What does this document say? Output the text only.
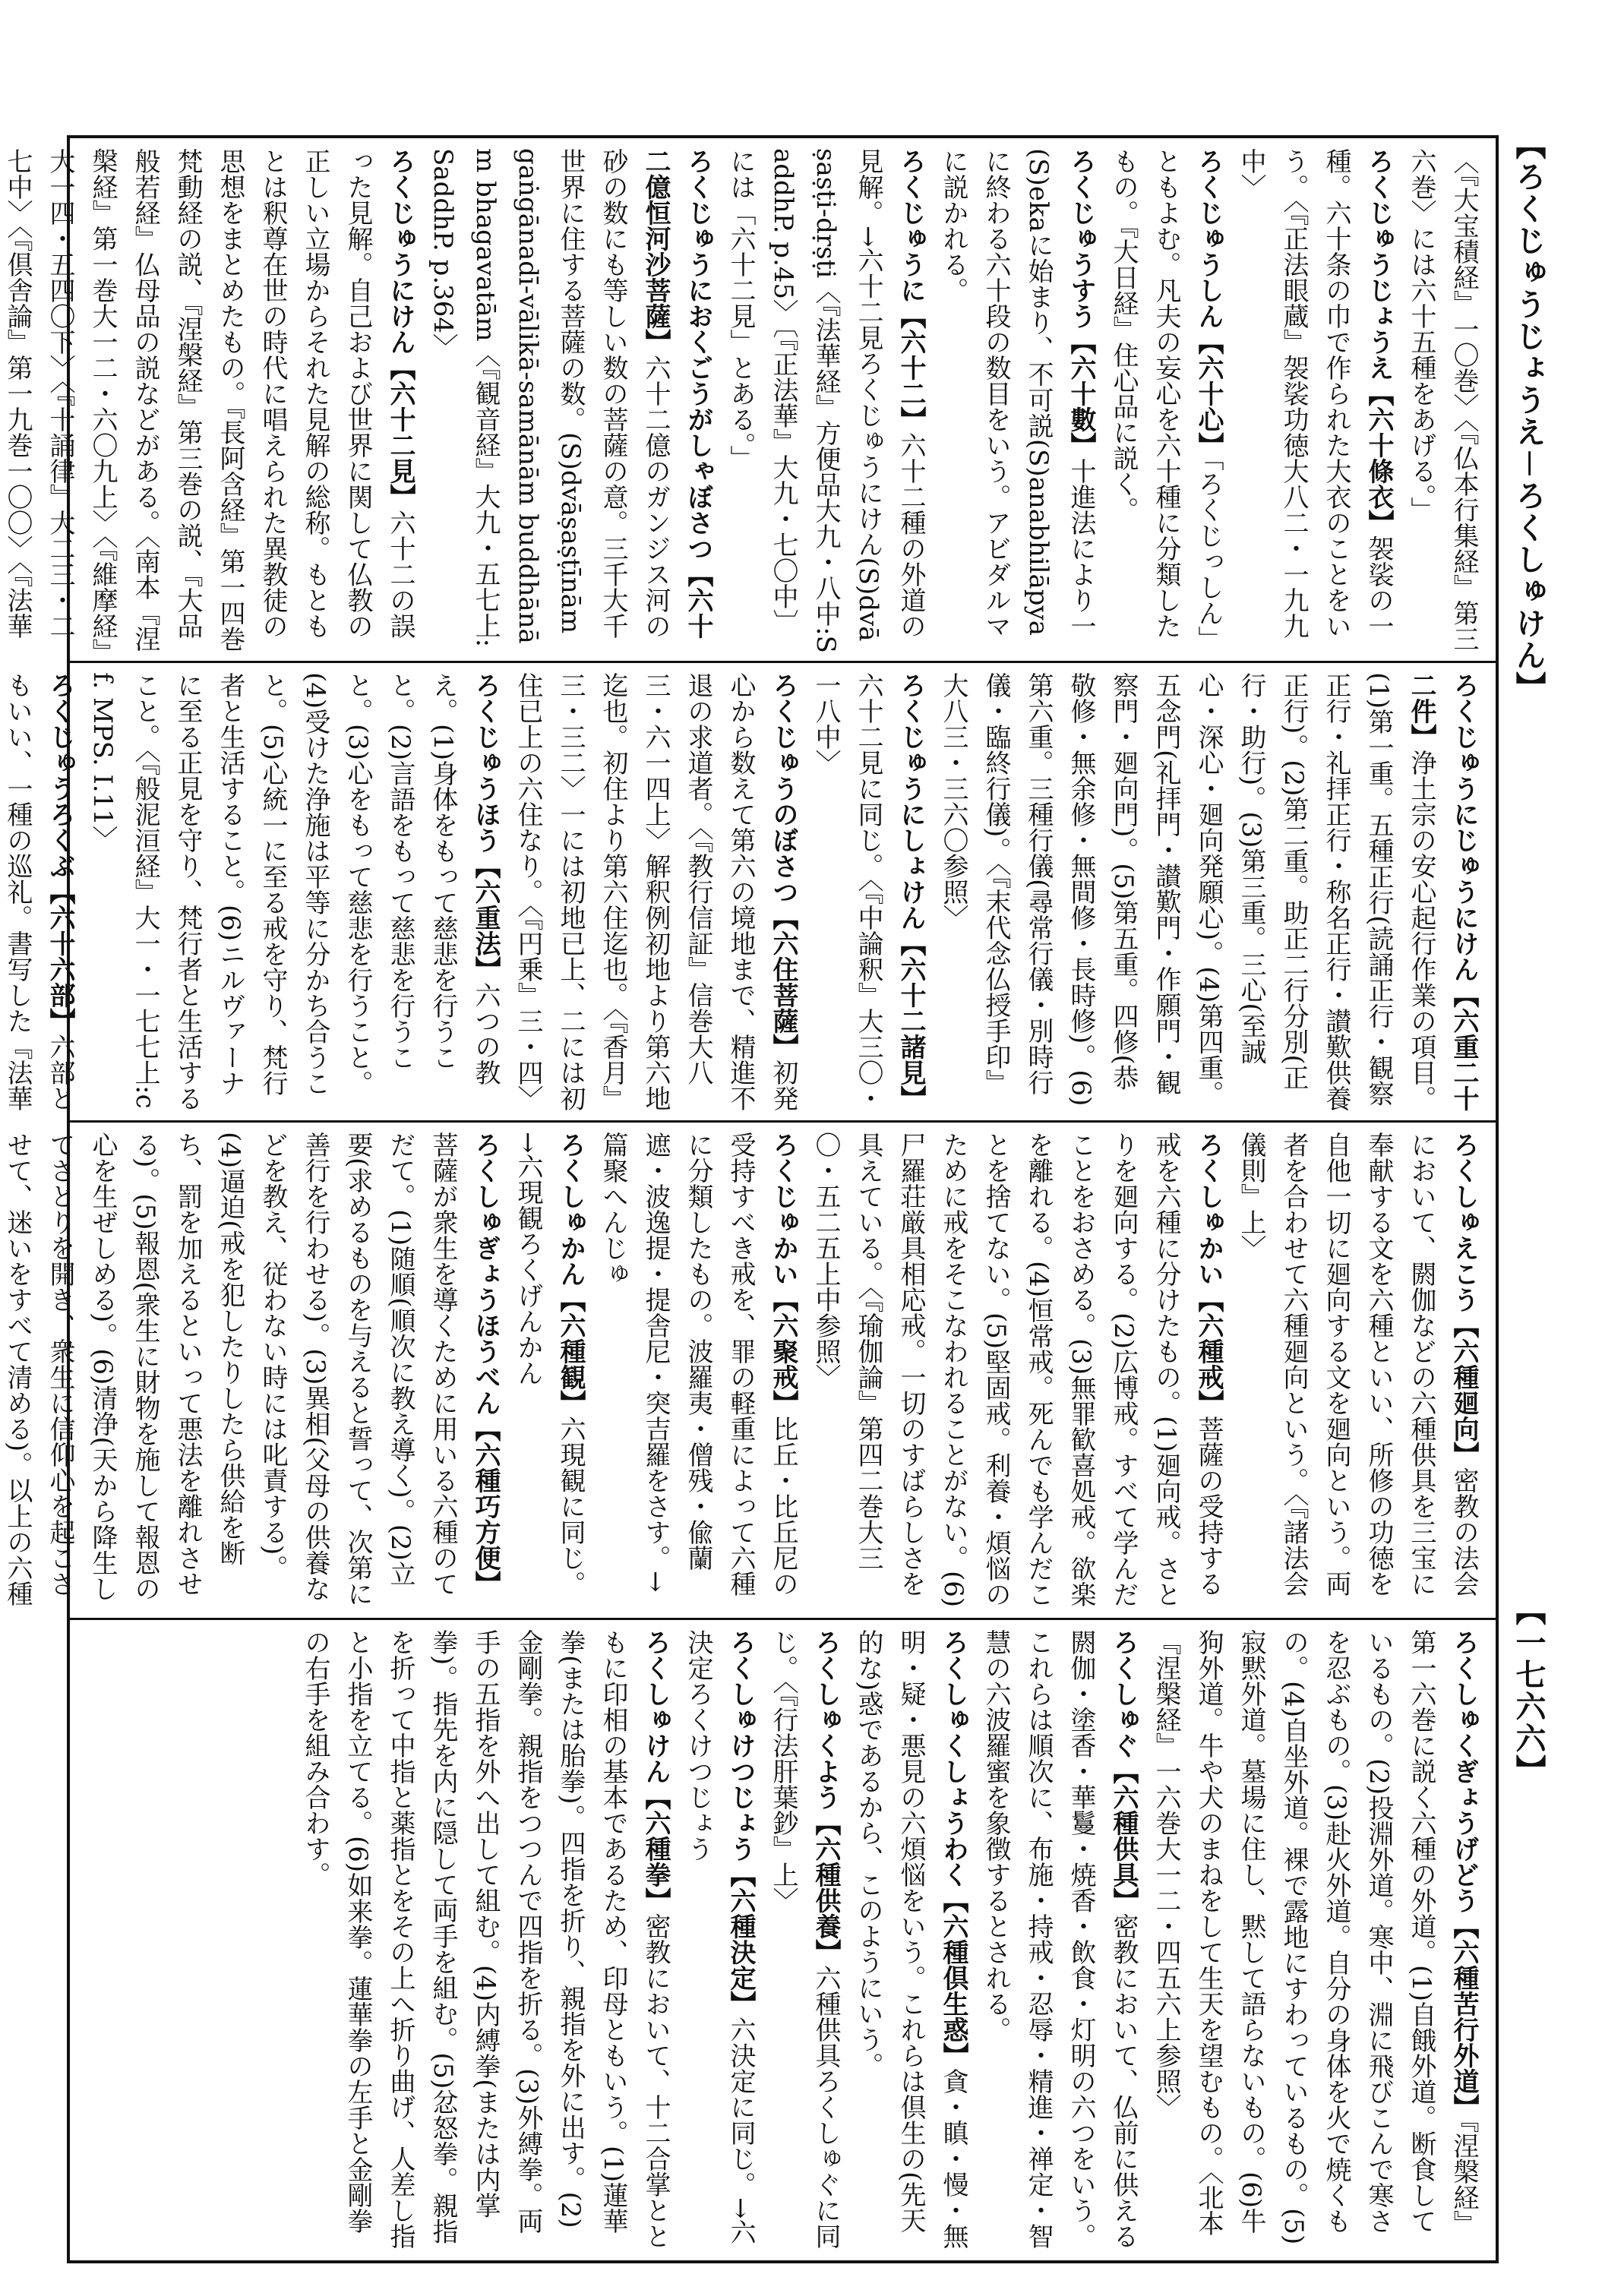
【ろくじゅうじょうえ－ろくしゅけん】
【一七六六】
〈『大宝積経』一〇巻〉〈『仏本行集経』第三六巻〉には六十五種をあげる。」
ろくじゅうじょうえ【六十條衣】袈裟の一種。六十条の巾で作られた大衣のことをいう。〈『正法眼蔵』袈裟功徳大八二・一九九中〉
ろくじゅうしん【六十心】「ろくじっしん」ともよむ。凡夫の妄心を六十種に分類したもの。『大日経』住心品に説く。
ろくじゅうすう【六十數】十進法により一(S)ekaに始まり、不可説(S)anabhilāpyaに終わる六十段の数目をいう。アビダルマに説かれる。
ろくじゅうに【六十二】六十二種の外道の見解。→六十二見ろくじゅうにけん(S)dvāṣaṣṭi-dṛṣṭi〈『法華経』方便品大九・八中:SaddhP. p.45〉〔『正法華』大九・七〇中〕には「六十二見」とある。」
ろくじゅうにおくごうがしゃぼさつ【六十二億恒河沙菩薩】六十二億のガンジス河の砂の数にも等しい数の菩薩の意。三千大千世界に住する菩薩の数。(S)dvāṣaṣṭīnām gaṅgānadī-vālikā-samānām buddhānām bhagavatām〈『観音経』大九・五七上:SaddhP. p.364〉
ろくじゅうにけん【六十二見】六十二の誤った見解。自己および世界に関して仏教の正しい立場からそれた見解の総称。もともとは釈尊在世の時代に唱えられた異教徒の思想をまとめたもの。『長阿含経』第一四巻梵動経の説、『涅槃経』第三巻の説、『大品般若経』仏母品の説などがある。〈南本『涅槃経』第一巻大一二・六〇九上〉〈『維摩経』大一四・五四〇下〉〈『十誦律』大二三・二七中〉〈『倶舎論』第一九巻一〇〇〉〈『法華
ろくじゅうにじゅうにけん【六重二十二件】浄土宗の安心起行作業の項目。(1)第一重。五種正行(読誦正行・観察正行・礼拝正行・称名正行・讃歎供養正行)。(2)第二重。助正二行分別(正行・助行)。(3)第三重。三心(至誠心・深心・廻向発願心)。(4)第四重。五念門(礼拝門・讃歎門・作願門・観察門・廻向門)。(5)第五重。四修(恭敬修・無余修・無間修・長時修)。(6)第六重。三種行儀(尋常行儀・別時行儀・臨終行儀)。〈『末代念仏授手印』大八三・三六〇参照〉
ろくじゅうにしょけん【六十二諸見】六十二見に同じ。〈『中論釈』大三〇・一八中〉
ろくじゅうのぼさつ【六住菩薩】初発心から数えて第六の境地まで、精進不退の求道者。〈『教行信証』信巻大八三・六一四上〉解釈例初地より第六地迄也。初住より第六住迄也。〈『香月』三・三二〉一には初地已上、二には初住已上の六住なり。〈『円乗』三・四〉
ろくじゅうほう【六重法】六つの教え。(1)身体をもって慈悲を行うこと。(2)言語をもって慈悲を行うこと。(3)心をもって慈悲を行うこと。(4)受けた浄施は平等に分かち合うこと。(5)心統一に至る戒を守り、梵行者と生活すること。(6)ニルヴァーナに至る正見を守り、梵行者と生活すること。〈『般泥洹経』大一・一七七上:cf. MPS. I.11〉
ろくじゅうろくぶ【六十六部】六部ともいい、一種の巡礼。書写した『法華
ろくしゅえこう【六種廻向】密教の法会において、閼伽などの六種供具を三宝に奉献する文を六種といい、所修の功徳を自他一切に廻向する文を廻向という。両者を合わせて六種廻向という。〈『諸法会儀則』上〉
ろくしゅかい【六種戒】菩薩の受持する戒を六種に分けたもの。(1)廻向戒。さとりを廻向する。(2)広博戒。すべて学んだことをおさめる。(3)無罪歓喜処戒。欲楽を離れる。(4)恒常戒。死んでも学んだことを捨てない。(5)堅固戒。利養・煩悩のために戒をそこなわれることがない。(6)尸羅荘厳具相応戒。一切のすばらしさを具えている。〈『瑜伽論』第四二巻大三〇・五二五上中参照〉
ろくじゅかい【六聚戒】比丘・比丘尼の受持すべき戒を、罪の軽重によって六種に分類したもの。波羅夷・僧残・偸蘭遮・波逸提・提舎尼・突吉羅をさす。→篇聚へんじゅ
ろくしゅかん【六種観】六現観に同じ。→六現観ろくげんかん
ろくしゅぎょうほうべん【六種巧方便】菩薩が衆生を導くために用いる六種のてだて。(1)随順(順次に教え導く)。(2)立要(求めるものを与えると誓って、次第に善行を行わせる)。(3)異相(父母の供養などを教え、従わない時には叱責する)。(4)逼迫(戒を犯したりしたら供給を断ち、罰を加えるといって悪法を離れさせる)。(5)報恩(衆生に財物を施して報恩の心を生ぜしめる)。(6)清浄(天から降生してさとりを開き、衆生に信仰心を起こさせて、迷いをすべて清める)。以上の六種
ろくしゅくぎょうげどう【六種苦行外道】『涅槃経』第一六巻に説く六種の外道。(1)自餓外道。断食しているもの。(2)投淵外道。寒中、淵に飛びこんで寒さを忍ぶもの。(3)赴火外道。自分の身体を火で焼くもの。(4)自坐外道。裸で露地にすわっているもの。(5)寂黙外道。墓場に住し、黙して語らないもの。(6)牛狗外道。牛や犬のまねをして生天を望むもの。〈北本『涅槃経』一六巻大一二・四五六上参照〉
ろくしゅぐ【六種供具】密教において、仏前に供える閼伽・塗香・華鬘・焼香・飲食・灯明の六つをいう。これらは順次に、布施・持戒・忍辱・精進・禅定・智慧の六波羅蜜を象徴するとされる。
ろくしゅくしょうわく【六種倶生惑】貪・瞋・慢・無明・疑・悪見の六煩悩をいう。これらは倶生の(先天的な)惑であるから、このようにいう。
ろくしゅくよう【六種供養】六種供具ろくしゅぐに同じ。〈『行法肝葉鈔』上〉
ろくしゅけつじょう【六種決定】六決定に同じ。→六決定ろくけつじょう
ろくしゅけん【六種拳】密教において、十二合掌とともに印相の基本であるため、印母ともいう。(1)蓮華拳(または胎拳)。四指を折り、親指を外に出す。(2)金剛拳。親指をつつんで四指を折る。(3)外縛拳。両手の五指を外へ出して組む。(4)内縛拳(または内掌拳)。指先を内に隠して両手を組む。(5)忿怒拳。親指を折って中指と薬指とをその上へ折り曲げ、人差し指と小指を立てる。(6)如来拳。蓮華拳の左手と金剛拳の右手を組み合わす。
